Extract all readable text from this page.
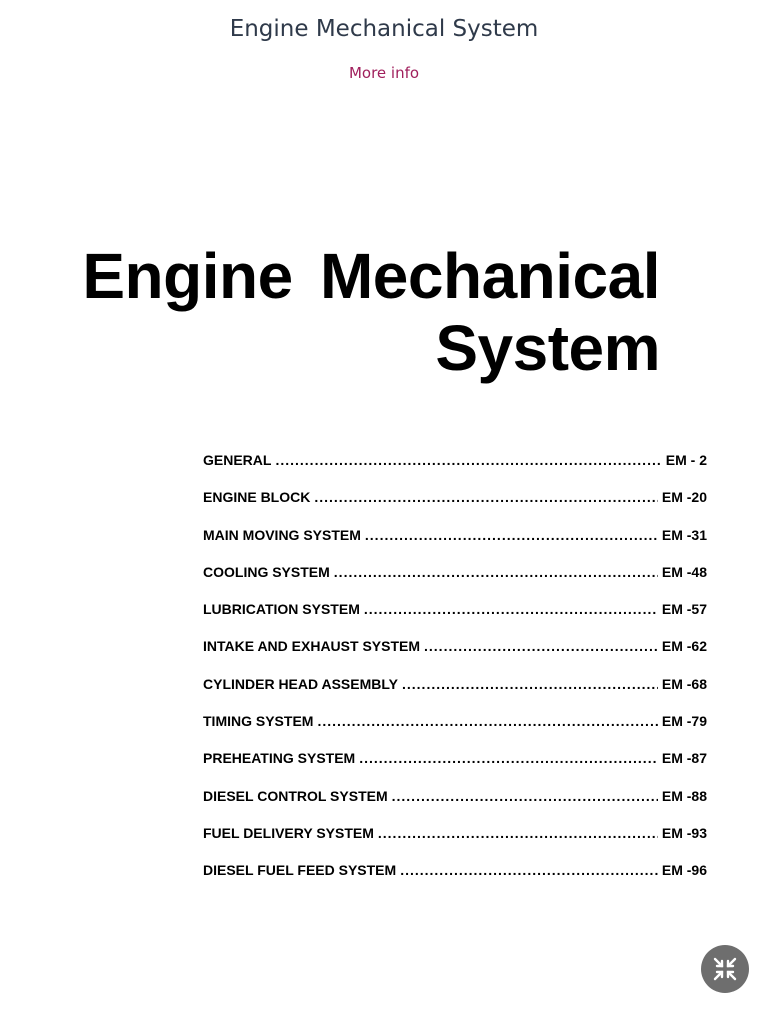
Engine Mechanical System
More info
Engine Mechanical
System
GENERAL .....	EM - 2
ENGINE BLOCK .....	EM -20
MAIN MOVING SYSTEM .....	EM -31
COOLING SYSTEM .....	EM -48
LUBRICATION SYSTEM .....	EM -57
INTAKE AND EXHAUST SYSTEM .....	EM -62
CYLINDER HEAD ASSEMBLY .....	EM -68
TIMING SYSTEM .....	EM -79
PREHEATING SYSTEM .....	EM -87
DIESEL CONTROL SYSTEM .....	EM -88
FUEL DELIVERY SYSTEM .....	EM -93
DIESEL FUEL FEED SYSTEM .....	EM -96
